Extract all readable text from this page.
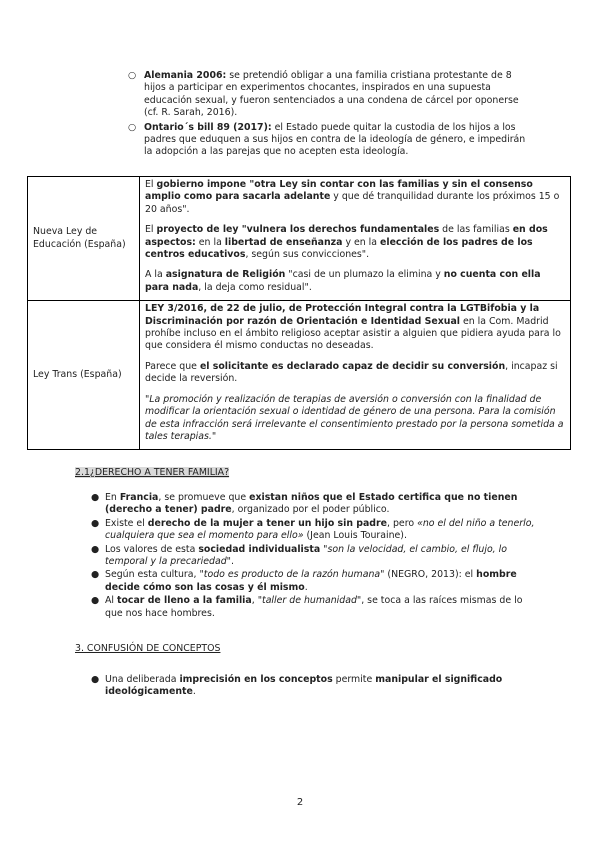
○ Alemania 2006: se pretendió obligar a una familia cristiana protestante de 8 hijos a participar en experimentos chocantes, inspirados en una supuesta educación sexual, y fueron sentenciados a una condena de cárcel por oponerse (cf. R. Sarah, 2016).
○ Ontario´s bill 89 (2017): el Estado puede quitar la custodia de los hijos a los padres que eduquen a sus hijos en contra de la ideología de género, e impedirán la adopción a las parejas que no acepten esta ideología.
Nueva Ley de Educación (España)	El gobierno impone "otra Ley sin contar con las familias y sin el consenso amplio como para sacarla adelante y que dé tranquilidad durante los próximos 15 o 20 años".

El proyecto de ley "vulnera los derechos fundamentales de las familias en dos aspectos: en la libertad de enseñanza y en la elección de los padres de los centros educativos, según sus convicciones".

A la asignatura de Religión "casi de un plumazo la elimina y no cuenta con ella para nada, la deja como residual".

Ley Trans (España)	LEY 3/2016, de 22 de julio, de Protección Integral contra la LGTBifobia y la Discriminación por razón de Orientación e Identidad Sexual en la Com. Madrid prohíbe incluso en el ámbito religioso aceptar asistir a alguien que pidiera ayuda para lo que considera él mismo conductas no deseadas.

Parece que el solicitante es declarado capaz de decidir su conversión, incapaz si decide la reversión.

"La promoción y realización de terapias de aversión o conversión con la finalidad de modificar la orientación sexual o identidad de género de una persona. Para la comisión de esta infracción será irrelevante el consentimiento prestado por la persona sometida a tales terapias."

2.1¿DERECHO A TENER FAMILIA?
● En Francia, se promueve que existan niños que el Estado certifica que no tienen (derecho a tener) padre, organizado por el poder público.
● Existe el derecho de la mujer a tener un hijo sin padre, pero «no el del niño a tenerlo, cualquiera que sea el momento para ello» (Jean Louis Touraine).
● Los valores de esta sociedad individualista "son la velocidad, el cambio, el flujo, lo temporal y la precariedad".
● Según esta cultura, "todo es producto de la razón humana" (NEGRO, 2013): el hombre decide cómo son las cosas y él mismo.
● Al tocar de lleno a la familia, "taller de humanidad", se toca a las raíces mismas de lo que nos hace hombres.
3. CONFUSIÓN DE CONCEPTOS
● Una deliberada imprecisión en los conceptos permite manipular el significado ideológicamente.
2
